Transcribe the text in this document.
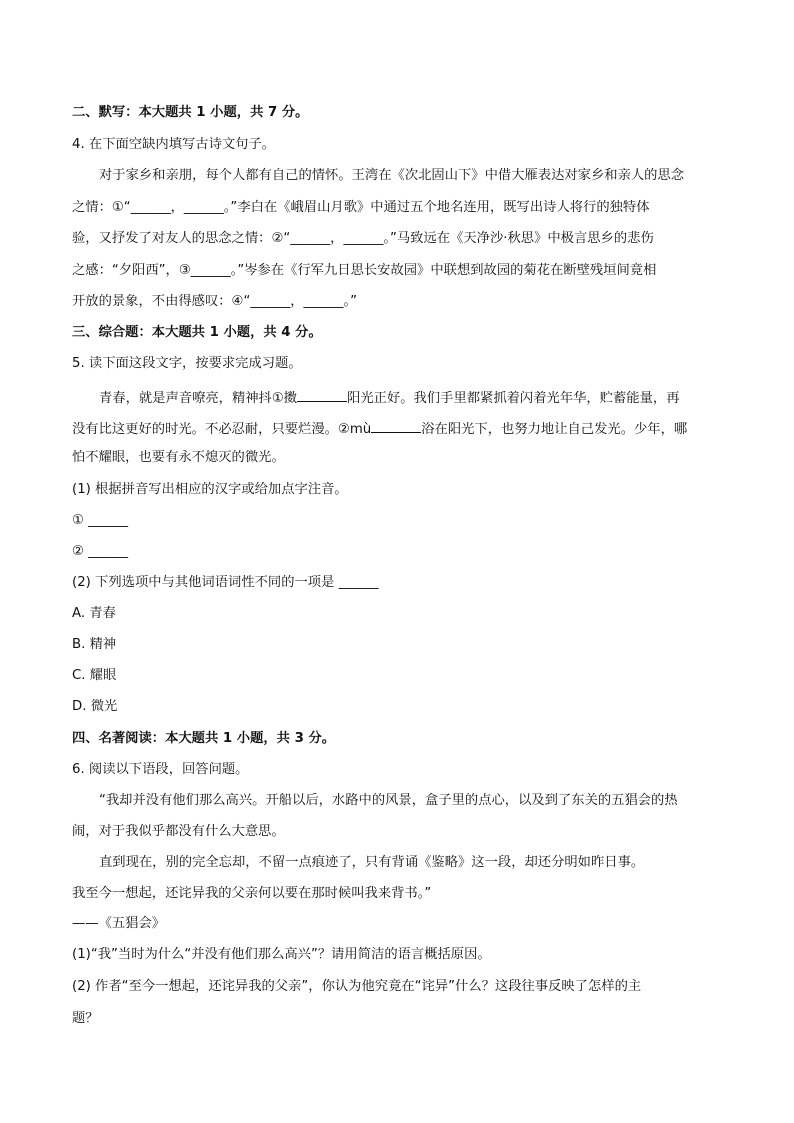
二、默写：本大题共 1 小题，共 7 分。
4. 在下面空缺内填写古诗文句子。
对于家乡和亲朋，每个人都有自己的情怀。王湾在《次北固山下》中借大雁表达对家乡和亲人的思念
之情：①“______，______。”李白在《峨眉山月歌》中通过五个地名连用，既写出诗人将行的独特体
验，又抒发了对友人的思念之情：②“______，______。”马致远在《天净沙·秋思》中极言思乡的悲伤
之感：“夕阳西”，③______。”岑参在《行军九日思长安故园》中联想到故园的菊花在断壁残垣间竟相
开放的景象，不由得感叹：④“______，______。”
三、综合题：本大题共 1 小题，共 4 分。
5. 读下面这段文字，按要求完成习题。
青春，就是声音嘹亮，精神抖①擞	阳光正好。我们手里都紧抓着闪着光年华，贮蓄能量，再
没有比这更好的时光。不必忍耐，只要烂漫。②mù	浴在阳光下，也努力地让自己发光。少年，哪
怕不耀眼，也要有永不熄灭的微光。
(1) 根据拼音写出相应的汉字或给加点字注音。
① ______
② ______
(2) 下列选项中与其他词语词性不同的一项是 ______
A. 青春
B. 精神
C. 耀眼
D. 微光
四、名著阅读：本大题共 1 小题，共 3 分。
6. 阅读以下语段，回答问题。
“我却并没有他们那么高兴。开船以后，水路中的风景，盒子里的点心，以及到了东关的五猖会的热
闹，对于我似乎都没有什么大意思。
直到现在，别的完全忘却，不留一点痕迹了，只有背诵《鉴略》这一段，却还分明如昨日事。
我至今一想起，还诧异我的父亲何以要在那时候叫我来背书。”
——《五猖会》
(1)“我”当时为什么“并没有他们那么高兴”？请用简洁的语言概括原因。
(2) 作者“至今一想起，还诧异我的父亲”，你认为他究竟在“诧异”什么？这段往事反映了怎样的主
题？
